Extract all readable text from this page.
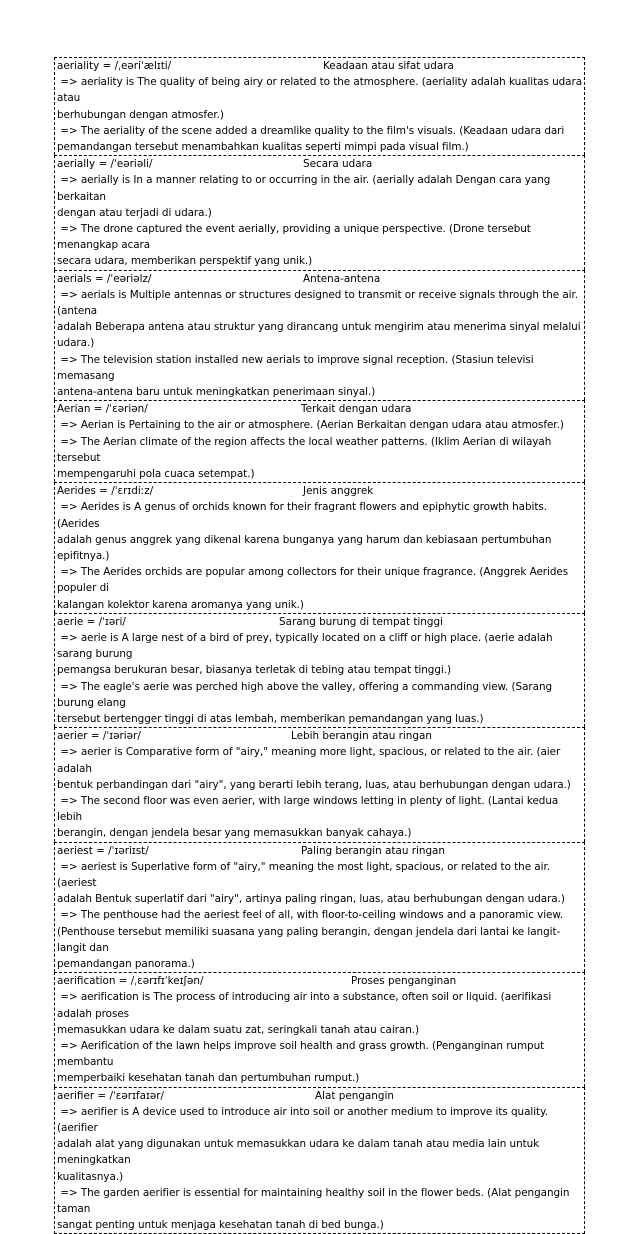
aeriality = /ˌeəriˈælɪti/	Keadaan atau sifat udara
=> aeriality is The quality of being airy or related to the atmosphere. (aeriality adalah kualitas udara atau
berhubungan dengan atmosfer.)
=> The aeriality of the scene added a dreamlike quality to the film's visuals. (Keadaan udara dari
pemandangan tersebut menambahkan kualitas seperti mimpi pada visual film.)
aerially = /ˈeəriəli/	Secara udara
=> aerially is In a manner relating to or occurring in the air. (aerially adalah Dengan cara yang berkaitan
dengan atau terjadi di udara.)
=> The drone captured the event aerially, providing a unique perspective. (Drone tersebut menangkap acara
secara udara, memberikan perspektif yang unik.)
aerials = /ˈeəriəlz/	Antena-antena
=> aerials is Multiple antennas or structures designed to transmit or receive signals through the air. (antena
adalah Beberapa antena atau struktur yang dirancang untuk mengirim atau menerima sinyal melalui udara.)
=> The television station installed new aerials to improve signal reception. (Stasiun televisi memasang
antena-antena baru untuk meningkatkan penerimaan sinyal.)
Aerian = /ˈɛəriən/	Terkait dengan udara
=> Aerian is Pertaining to the air or atmosphere. (Aerian Berkaitan dengan udara atau atmosfer.)
=> The Aerian climate of the region affects the local weather patterns. (Iklim Aerian di wilayah tersebut
mempengaruhi pola cuaca setempat.)
Aerides = /ˈɛrɪdiːz/	Jenis anggrek
=> Aerides is A genus of orchids known for their fragrant flowers and epiphytic growth habits. (Aerides
adalah genus anggrek yang dikenal karena bunganya yang harum dan kebiasaan pertumbuhan epifitnya.)
=> The Aerides orchids are popular among collectors for their unique fragrance. (Anggrek Aerides populer di
kalangan kolektor karena aromanya yang unik.)
aerie = /ˈɪəri/	Sarang burung di tempat tinggi
=> aerie is A large nest of a bird of prey, typically located on a cliff or high place. (aerie adalah sarang burung
pemangsa berukuran besar, biasanya terletak di tebing atau tempat tinggi.)
=> The eagle's aerie was perched high above the valley, offering a commanding view. (Sarang burung elang
tersebut bertengger tinggi di atas lembah, memberikan pemandangan yang luas.)
aerier = /ˈɪəriər/	Lebih berangin atau ringan
=> aerier is Comparative form of "airy," meaning more light, spacious, or related to the air. (aier adalah
bentuk perbandingan dari "airy", yang berarti lebih terang, luas, atau berhubungan dengan udara.)
=> The second floor was even aerier, with large windows letting in plenty of light. (Lantai kedua lebih
berangin, dengan jendela besar yang memasukkan banyak cahaya.)
aeriest = /ˈɪəriɪst/	Paling berangin atau ringan
=> aeriest is Superlative form of "airy," meaning the most light, spacious, or related to the air. (aeriest
adalah Bentuk superlatif dari "airy", artinya paling ringan, luas, atau berhubungan dengan udara.)
=> The penthouse had the aeriest feel of all, with floor-to-ceiling windows and a panoramic view.
(Penthouse tersebut memiliki suasana yang paling berangin, dengan jendela dari lantai ke langit-langit dan
pemandangan panorama.)
aerification = /ˌɛərɪfɪˈkeɪʃən/	Proses penganginan
=> aerification is The process of introducing air into a substance, often soil or liquid. (aerifikasi adalah proses
memasukkan udara ke dalam suatu zat, seringkali tanah atau cairan.)
=> Aerification of the lawn helps improve soil health and grass growth. (Penganginan rumput membantu
memperbaiki kesehatan tanah dan pertumbuhan rumput.)
aerifier = /ˈɛərɪfaɪər/	Alat pengangin
=> aerifier is A device used to introduce air into soil or another medium to improve its quality. (aerifier
adalah alat yang digunakan untuk memasukkan udara ke dalam tanah atau media lain untuk meningkatkan
kualitasnya.)
=> The garden aerifier is essential for maintaining healthy soil in the flower beds. (Alat pengangin taman
sangat penting untuk menjaga kesehatan tanah di bed bunga.)
